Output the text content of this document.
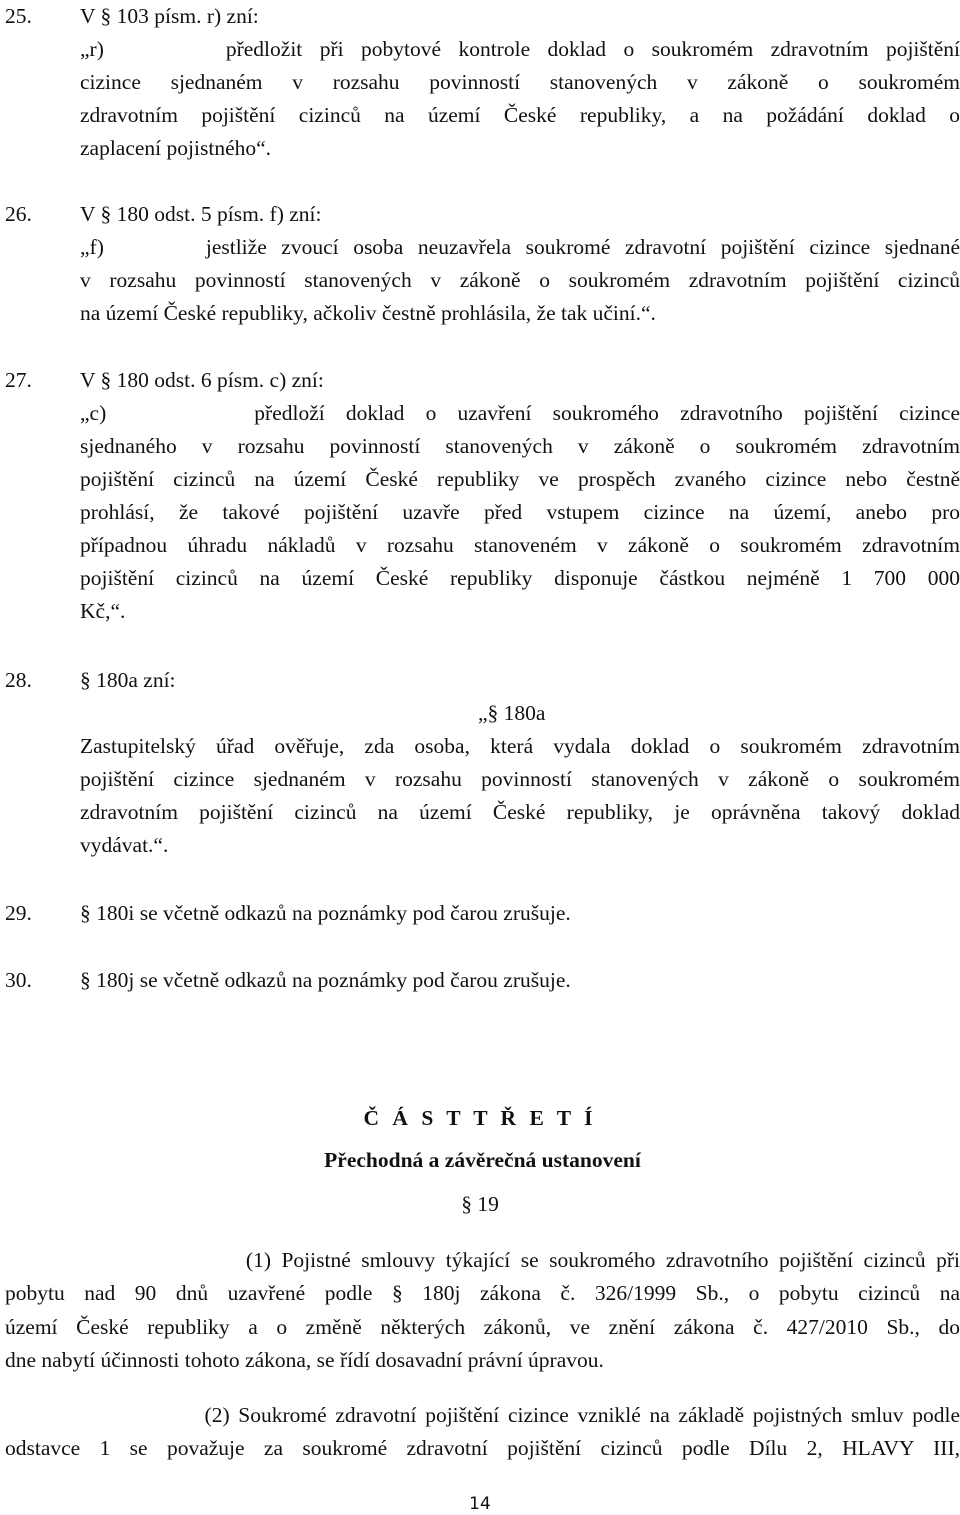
25. V § 103 písm. r) zní:
„r)       předložit při pobytové kontrole doklad o soukromém zdravotním pojištění
cizince sjednaném v rozsahu povinností stanovených v zákoně o soukromém
zdravotním pojištění cizinců na území České republiky, a na požádání doklad o
zaplacení pojistného“.
26. V § 180 odst. 5 písm. f) zní:
„f)       jestliže zvoucí osoba neuzavřela soukromé zdravotní pojištění cizince sjednané
v rozsahu povinností stanovených v zákoně o soukromém zdravotním pojištění cizinců
na území České republiky, ačkoliv čestně prohlásila, že tak učiní.“.
27. V § 180 odst. 6 písm. c) zní:
„c)       předloží doklad o uzavření soukromého zdravotního pojištění cizince
sjednaného v rozsahu povinností stanovených v zákoně o soukromém zdravotním
pojištění cizinců na území České republiky ve prospěch zvaného cizince nebo čestně
prohlásí, že takové pojištění uzavře před vstupem cizince na území, anebo pro
případnou úhradu nákladů v rozsahu stanoveném v zákoně o soukromém zdravotním
pojištění cizinců na území České republiky disponuje částkou nejméně 1 700 000
Kč,“.
28. § 180a zní:
„§ 180a
Zastupitelský úřad ověřuje, zda osoba, která vydala doklad o soukromém zdravotním
pojištění cizince sjednaném v rozsahu povinností stanovených v zákoně o soukromém
zdravotním pojištění cizinců na území České republiky, je oprávněna takový doklad
vydávat.“.
29. § 180i se včetně odkazů na poznámky pod čarou zrušuje.
30. § 180j se včetně odkazů na poznámky pod čarou zrušuje.
Č Á S T T Ř E T Í
Přechodná a závěrečná ustanovení
§ 19
(1) Pojistné smlouvy týkající se soukromého zdravotního pojištění cizinců při
pobytu nad 90 dnů uzavřené podle § 180j zákona č. 326/1999 Sb., o pobytu cizinců na
území České republiky a o změně některých zákonů, ve znění zákona č. 427/2010 Sb., do
dne nabytí účinnosti tohoto zákona, se řídí dosavadní právní úpravou.
(2) Soukromé zdravotní pojištění cizince vzniklé na základě pojistných smluv podle
odstavce 1 se považuje za soukromé zdravotní pojištění cizinců podle Dílu 2, HLAVY III,
14
